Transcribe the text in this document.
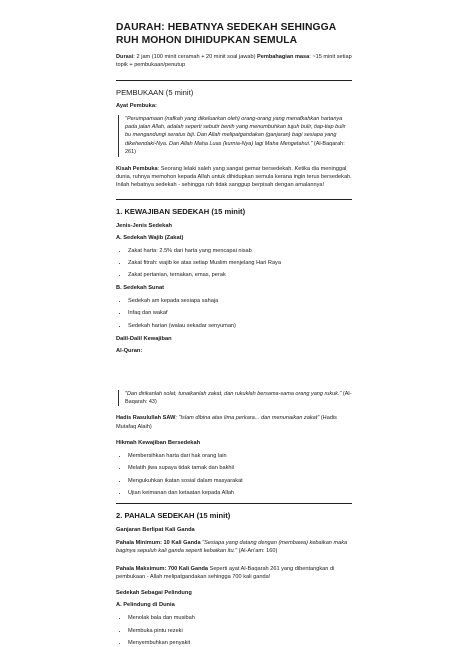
DAURAH: HEBATNYA SEDEKAH SEHINGGA RUH MOHON DIHIDUPKAN SEMULA
Durasi: 2 jam (100 minit ceramah + 20 minit soal jawab) Pembahagian masa: ~15 minit setiap topik + pembukaan/penutup
PEMBUKAAN (5 minit)
Ayat Pembuka:
"Perumpamaan (nafkah yang dikeluarkan oleh) orang-orang yang menafkahkan hartanya pada jalan Allah, adalah seperti sebutir benih yang menumbuhkan tujuh bulir, tiap-tiap bulir bu mengandungi seratus biji. Dan Allah melipatgandakan (ganjaran) bagi sesiapa yang dikehendaki-Nya. Dan Allah Maha Luas (kurnia-Nya) lagi Maha Mengetahui." (Al-Baqarah: 261)
Kisah Pembuka: Seorang lelaki saleh yang sangat gemar bersedekah. Ketika dia meninggal dunia, ruhnya memohon kepada Allah untuk dihidupkan semula kerana ingin terus bersedekah. Inilah hebatnya sedekah - sehingga ruh tidak sanggup berpisah dengan amalannya!
1. KEWAJIBAN SEDEKAH (15 minit)
Jenis-Jenis Sedekah
A. Sedekah Wajib (Zakat)
• Zakat harta: 2.5% dari harta yang mencapai nisab
• Zakat fitrah: wajib ke atas setiap Muslim menjelang Hari Raya
• Zakat pertanian, ternakan, emas, perak
B. Sedekah Sunat
• Sedekah am kepada sesiapa sahaja
• Infaq dan wakaf
• Sedekah harian (walau sekadar senyuman)
Dalil-Dalil Kewajiban
Al-Quran:
"Dan dirikanlah solat, tunaikanlah zakat, dan rukuklah bersama-sama orang yang rukuk." (Al-Baqarah: 43)
Hadis Rasulullah SAW: "Islam dibina atas lima perkara... dan menunaikan zakat" (Hadis Mutafaq Alaih)
Hikmah Kewajiban Bersedekah
• Membersihkan harta dari hak orang lain
• Melatih jiwa supaya tidak tamak dan bakhil
• Mengukuhkan ikatan sosial dalam masyarakat
• Ujian keimanan dan ketaatan kepada Allah
2. PAHALA SEDEKAH (15 minit)
Ganjaran Berlipat Kali Ganda
Pahala Minimum: 10 Kali Ganda "Sesiapa yang datang dengan (membawa) kebaikan maka baginya sepuluh kali ganda seperti kebaikan itu." (Al-An'am: 160)
Pahala Maksimum: 700 Kali Ganda Seperti ayat Al-Baqarah 261 yang dibentangkan di pembukaan - Allah melipatgandakan sehingga 700 kali ganda!
Sedekah Sebagai Pelindung
A. Pelindung di Dunia
• Menolak bala dan musibah
• Membuka pintu rezeki
• Menyembuhkan penyakit
